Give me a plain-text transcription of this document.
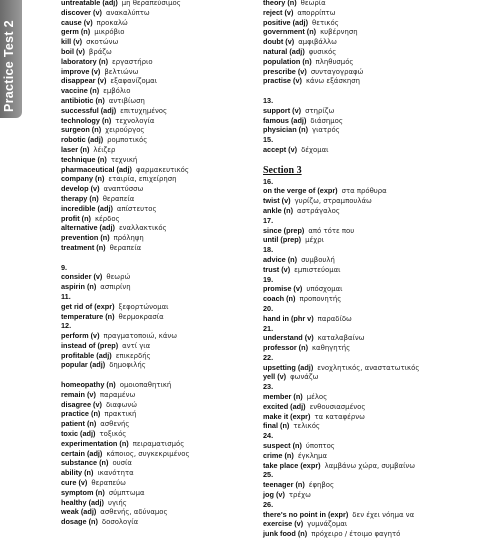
Practice Test 2
untreatable (adj) μη θεραπεύσιμος
discover (v) ανακαλύπτω
cause (v) προκαλώ
germ (n) μικρόβιο
kill (v) σκοτώνω
boil (v) βράζω
laboratory (n) εργαστήριο
improve (v) βελτιώνω
disappear (v) εξαφανίζομαι
vaccine (n) εμβόλιο
antibiotic (n) αντιβίωση
successful (adj) επιτυχημένος
technology (n) τεχνολογία
surgeon (n) χειρούργος
robotic (adj) ρομποτικός
laser (n) λέιζερ
technique (n) τεχνική
pharmaceutical (adj) φαρμακευτικός
company (n) εταιρία, επιχείρηση
develop (v) αναπτύσσω
therapy (n) θεραπεία
incredible (adj) απίστευτος
profit (n) κέρδος
alternative (adj) εναλλακτικός
prevention (n) πρόληψη
treatment (n) θεραπεία
9.
consider (v) θεωρώ
aspirin (n) ασπιρίνη
11.
get rid of (expr) ξεφορτώνομαι
temperature (n) θερμοκρασία
12.
perform (v) πραγματοποιώ, κάνω
instead of (prep) αντί για
profitable (adj) επικερδής
popular (adj) δημοφιλής
homeopathy (n) ομοιοπαθητική
remain (v) παραμένω
disagree (v) διαφωνώ
practice (n) πρακτική
patient (n) ασθενής
toxic (adj) τοξικός
experimentation (n) πειραματισμός
certain (adj) κάποιος, συγκεκριμένος
substance (n) ουσία
ability (n) ικανότητα
cure (v) θεραπεύω
symptom (n) σύμπτωμα
healthy (adj) υγιής
weak (adj) ασθενής, αδύναμος
dosage (n) δοσολογία
theory (n) θεωρία
reject (v) απορρίπτω
positive (adj) θετικός
government (n) κυβέρνηση
doubt (v) αμφιβάλλω
natural (adj) φυσικός
population (n) πληθυσμός
prescribe (v) συνταγογραφώ
practise (v) κάνω εξάσκηση
13.
support (v) στηρίζω
famous (adj) διάσημος
physician (n) γιατρός
15.
accept (v) δέχομαι
Section 3
16.
on the verge of (expr) στα πρόθυρα
twist (v) γυρίζω, στραμπουλάω
ankle (n) αστράγαλος
17.
since (prep) από τότε που
until (prep) μέχρι
18.
advice (n) συμβουλή
trust (v) εμπιστεύομαι
19.
promise (v) υπόσχομαι
coach (n) προπονητής
20.
hand in (phr v) παραδίδω
21.
understand (v) καταλαβαίνω
professor (n) καθηγητής
22.
upsetting (adj) ενοχλητικός, αναστατωτικός
yell (v) φωνάζω
23.
member (n) μέλος
excited (adj) ενθουσιασμένος
make it (expr) τα καταφέρνω
final (n) τελικός
24.
suspect (n) ύποπτος
crime (n) έγκλημα
take place (expr) λαμβάνω χώρα, συμβαίνω
25.
teenager (n) έφηβος
jog (v) τρέχω
26.
there's no point in (expr) δεν έχει νόημα να
exercise (v) γυμνάζομαι
junk food (n) πρόχειρο / έτοιμο φαγητό
